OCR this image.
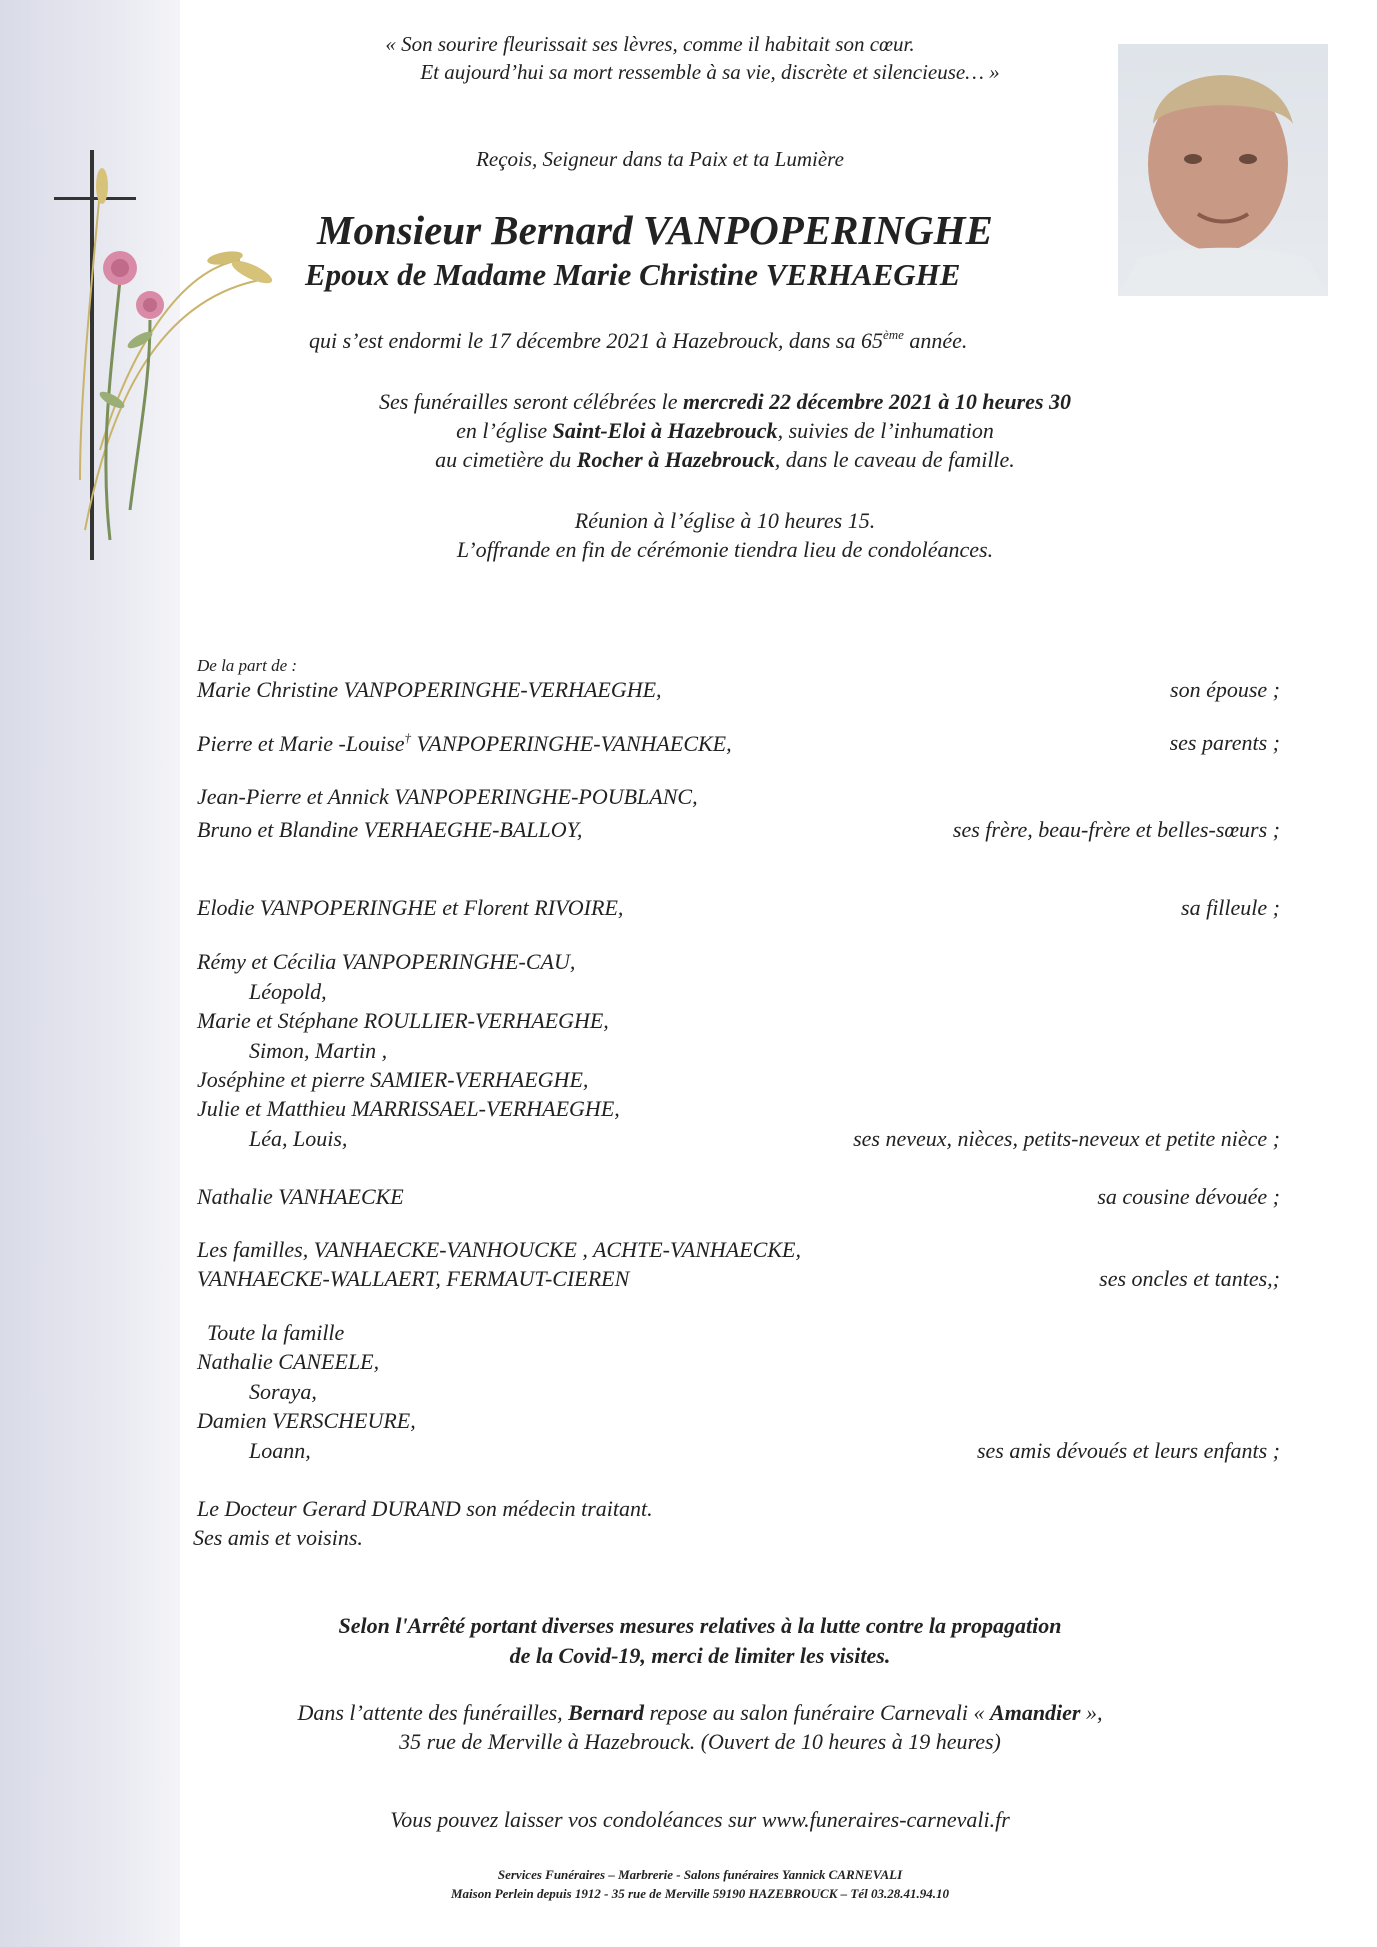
« Son sourire fleurissait ses lèvres, comme il habitait son cœur.
Et aujourd’hui sa mort ressemble à sa vie, discrète et silencieuse… »
Reçois, Seigneur dans ta Paix et ta Lumière
Monsieur Bernard VANPOPERINGHE
Epoux de Madame Marie Christine VERHAEGHE
qui s’est endormi le 17 décembre 2021 à Hazebrouck, dans sa 65ème année.
Ses funérailles seront célébrées le mercredi 22 décembre 2021 à 10 heures 30
en l’église Saint-Eloi à Hazebrouck, suivies de l’inhumation
au cimetière du Rocher à Hazebrouck, dans le caveau de famille.
Réunion à l’église à 10 heures 15.
L’offrande en fin de cérémonie tiendra lieu de condoléances.
De la part de :
Marie Christine VANPOPERINGHE-VERHAEGHE,
Pierre et Marie -Louise† VANPOPERINGHE-VANHAECKE,
Jean-Pierre et Annick VANPOPERINGHE-POUBLANC,
Bruno et Blandine VERHAEGHE-BALLOY,
Elodie VANPOPERINGHE et Florent RIVOIRE,
Rémy et Cécilia VANPOPERINGHE-CAU,
Léopold,
Marie et Stéphane ROULLIER-VERHAEGHE,
Simon, Martin ,
Joséphine et pierre SAMIER-VERHAEGHE,
Julie et Matthieu MARRISSAEL-VERHAEGHE,
Léa, Louis,
Nathalie VANHAECKE
Les familles, VANHAECKE-VANHOUCKE , ACHTE-VANHAECKE,
VANHAECKE-WALLAERT, FERMAUT-CIEREN
Toute la famille
Nathalie CANEELE,
Soraya,
Damien VERSCHEURE,
Loann,
Le Docteur Gerard DURAND son médecin traitant.
Ses amis et voisins.
son épouse ;
ses parents ;
ses frère, beau-frère et belles-sœurs ;
sa filleule ;
ses neveux, nièces, petits-neveux et petite nièce ;
sa cousine dévouée ;
ses oncles et tantes,;
ses amis dévoués et leurs enfants ;
Selon l'Arrêté portant diverses mesures relatives à la lutte contre la propagation
de la Covid-19, merci de limiter les visites.
Dans l’attente des funérailles, Bernard repose au salon funéraire Carnevali « Amandier »,
35 rue de Merville à Hazebrouck. (Ouvert de 10 heures à 19 heures)
Vous pouvez laisser vos condoléances sur www.funeraires-carnevali.fr
Services Funéraires – Marbrerie - Salons funéraires Yannick CARNEVALI
Maison Perlein depuis 1912 - 35 rue de Merville 59190 HAZEBROUCK – Tél 03.28.41.94.10
